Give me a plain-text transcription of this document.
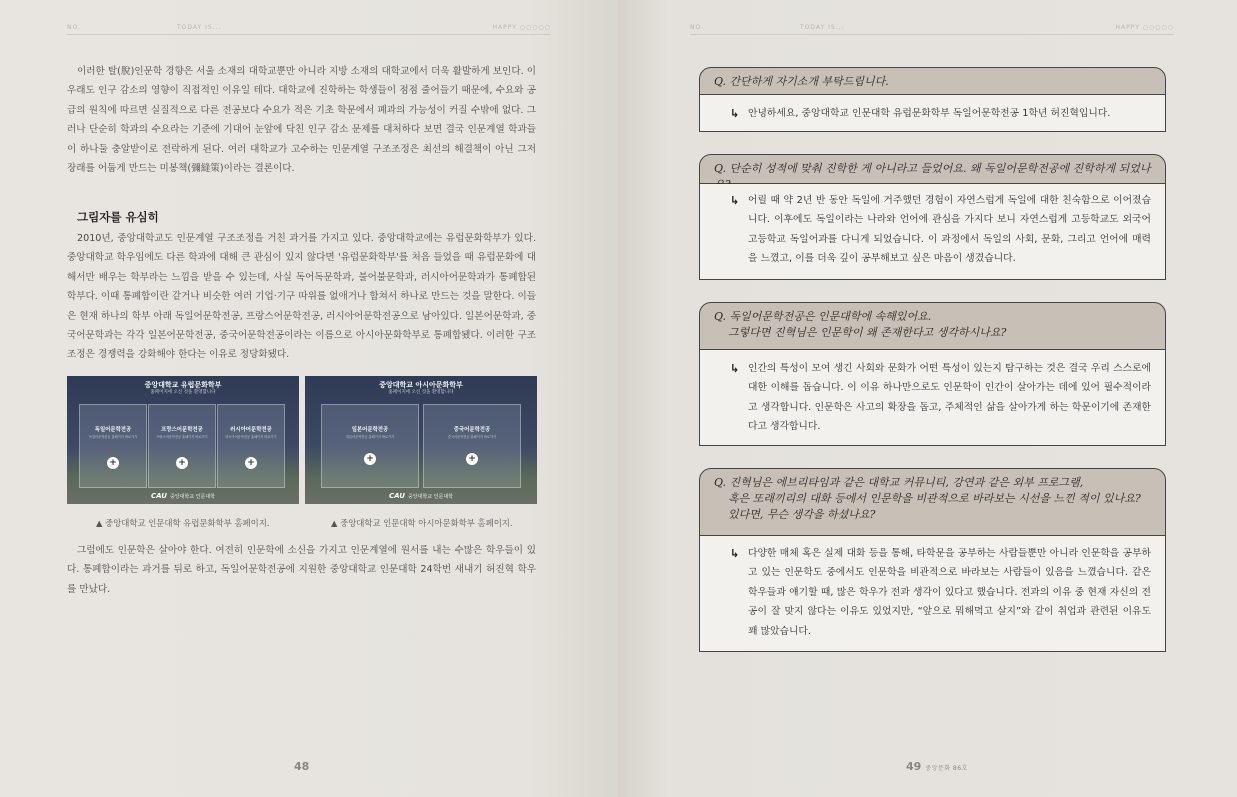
NO.	TODAY IS...	HAPPY ○○○○○

이러한 탈(脫)인문학 경향은 서울 소재의 대학교뿐만 아니라 지방 소재의 대학교에서 더욱 활발하게 보인다. 이우래도 인구 감소의 영향이 직접적인 이유일 테다. 대학교에 진학하는 학생들이 점점 줄어들기 때문에, 수요와 공급의 원칙에 따르면 실질적으로 다른 전공보다 수요가 적은 기초 학문에서 폐과의 가능성이 커질 수밖에 없다. 그러나 단순히 학과의 수요라는 기준에 기대어 눈앞에 닥친 인구 감소 문제를 대처하다 보면 결국 인문계열 학과들이 하나둘 충알받이로 전락하게 된다. 여러 대학교가 고수하는 인문계열 구조조정은 최선의 해결책이 아닌 그저 장래를 어둡게 만드는 미봉책(彌縫策)이라는 결론이다.

그림자를 유심히

2010년, 중앙대학교도 인문계열 구조조정을 거친 과거를 가지고 있다. 중앙대학교에는 유럽문화학부가 있다. 중앙대학교 학우임에도 다른 학과에 대해 큰 관심이 있지 않다면 '유럽문화학부'를 처음 들었을 때 유럽문화에 대해서만 배우는 학부라는 느낌을 받을 수 있는데, 사실 독어독문학과, 불어불문학과, 러시아어문학과가 통폐합된 학부다. 이때 통폐합이란 같거나 비슷한 여러 기업·기구 따위를 없애거나 합쳐서 하나로 만드는 것을 말한다. 이들은 현재 하나의 학부 아래 독일어문학전공, 프랑스어문학전공, 러시아어문학전공으로 남아있다. 일본어문학과, 중국어문학과는 각각 일본어문학전공, 중국어문학전공이라는 이름으로 아시아문화학부로 통폐합됐다. 이러한 구조조정은 경쟁력을 강화해야 한다는 이유로 정당화됐다.

중앙대학교 유럽문화학부
홈페이지에 오신 것을 환영합니다
독일어문학전공
독일어문학전공 홈페이지 바로가기
+
프랑스어문학전공
프랑스어문학전공 홈페이지 바로가기
+
러시아어문학전공
러시아어문학전공 홈페이지 바로가기
+
CAU 중앙대학교 인문대학
중앙대학교 아시아문화학부
홈페이지에 오신 것을 환영합니다
일본어문학전공
일본어문학전공 홈페이지 바로가기
+
중국어문학전공
중국어문학전공 홈페이지 바로가기
+
CAU 중앙대학교 인문대학
▲ 중앙대학교 인문대학 유럽문화학부 홈페이지.	▲ 중앙대학교 인문대학 아시아문화학부 홈페이지.

그럼에도 인문학은 살아야 한다. 여전히 인문학에 소신을 가지고 인문계열에 원서를 내는 수많은 학우들이 있다. 통폐합이라는 과거를 뒤로 하고, 독일어문학전공에 지원한 중앙대학교 인문대학 24학번 새내기 허진혁 학우를 만났다.

48
NO.	TODAY IS...	HAPPY ○○○○○
Q. 간단하게 자기소개 부탁드립니다.
↳ 안녕하세요, 중앙대학교 인문대학 유럽문화학부 독일어문학전공 1학년 허진혁입니다.

Q. 단순히 성적에 맞춰 진학한 게 아니라고 들었어요. 왜 독일어문학전공에 진학하게 되었나
↳ 어릴 때 약 2년 반 동안 독일에 거주했던 경험이 자연스럽게 독일에 대한 친숙함으로 이어졌습니다. 이후에도 독일이라는 나라와 언어에 관심을 가지다 보니 자연스럽게 고등학교도 외국어고등학교 독일어과를 다니게 되었습니다. 이 과정에서 독일의 사회, 문화, 그리고 언어에 매력을 느꼈고, 이를 더욱 깊이 공부해보고 싶은 마음이 생겼습니다.

Q. 독일어문학전공은 인문대학에 속해있어요.
그렇다면 진혁님은 인문학이 왜 존재한다고 생각하시나요?
↳ 인간의 특성이 모여 생긴 사회와 문화가 어떤 특성이 있는지 탐구하는 것은 결국 우리 스스로에 대한 이해를 돕습니다. 이 이유 하나만으로도 인문학이 인간이 살아가는 데에 있어 필수적이라고 생각합니다. 인문학은 사고의 확장을 돕고, 주체적인 삶을 살아가게 하는 학문이기에 존재한다고 생각합니다.

Q. 진혁님은 에브리타임과 같은 대학교 커뮤니티, 강연과 같은 외부 프로그램,
혹은 또래끼리의 대화 등에서 인문학을 비관적으로 바라보는 시선을 느낀 적이 있나요?
있다면, 무슨 생각을 하셨나요?
↳ 다양한 매체 혹은 실제 대화 등을 통해, 타학문을 공부하는 사람들뿐만 아니라 인문학을 공부하고 있는 인문학도 중에서도 인문학을 비관적으로 바라보는 사람들이 있음을 느꼈습니다. 같은 학우들과 얘기할 때, 많은 학우가 전과 생각이 있다고 했습니다. 전과의 이유 중 현재 자신의 전공이 잘 맞지 않다는 이유도 있었지만, “앞으로 뭐해먹고 살지”와 같이 취업과 관련된 이유도 꽤 많았습니다.

49 중앙문화 86호
